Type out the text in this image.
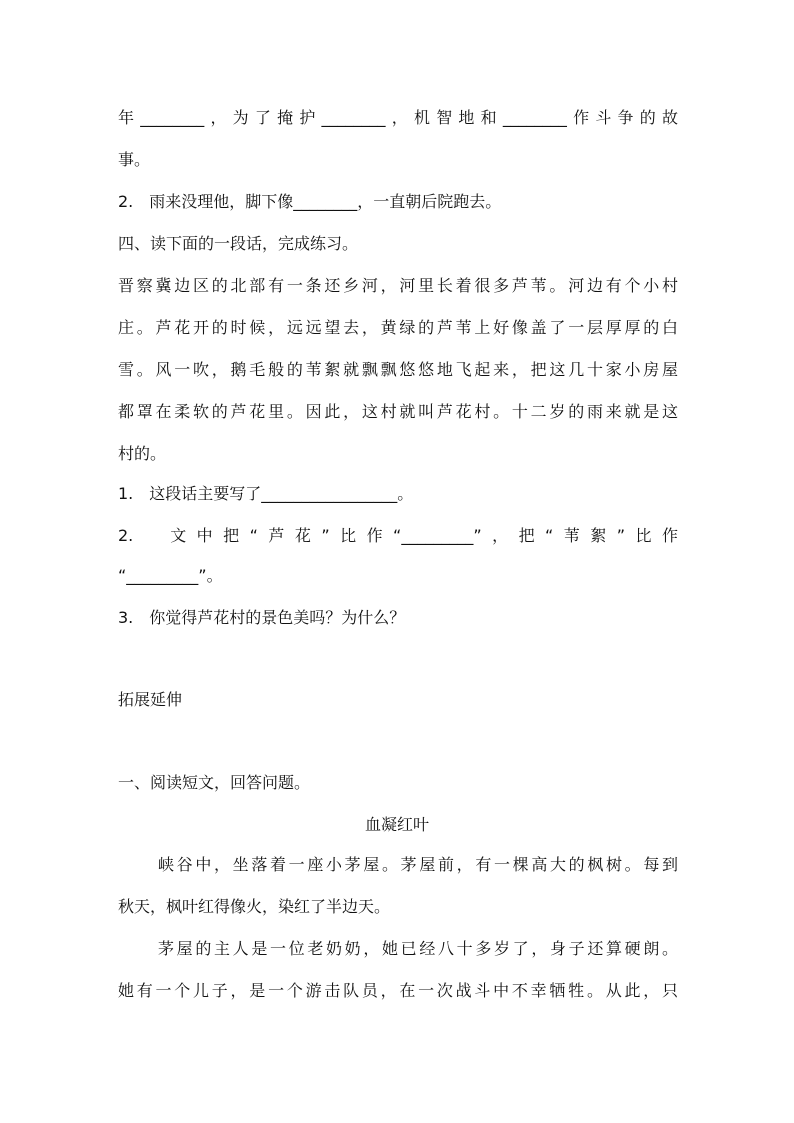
年________，为了掩护________，机智地和________作斗争的故
事。
2.　雨来没理他，脚下像________，一直朝后院跑去。
四、读下面的一段话，完成练习。
晋察冀边区的北部有一条还乡河，河里长着很多芦苇。河边有个小村
庄。芦花开的时候，远远望去，黄绿的芦苇上好像盖了一层厚厚的白
雪。风一吹，鹅毛般的苇絮就飘飘悠悠地飞起来，把这几十家小房屋
都罩在柔软的芦花里。因此，这村就叫芦花村。十二岁的雨来就是这
村的。
1.　这段话主要写了_________________。
2.　文中把“芦花”比作“_________”，把“苇絮”比作
“_________”。
3.　你觉得芦花村的景色美吗？为什么？
拓展延伸
一、阅读短文，回答问题。
血凝红叶
峡谷中，坐落着一座小茅屋。茅屋前，有一棵高大的枫树。每到
秋天，枫叶红得像火，染红了半边天。
茅屋的主人是一位老奶奶，她已经八十多岁了，身子还算硬朗。
她有一个儿子，是一个游击队员，在一次战斗中不幸牺牲。从此，只
